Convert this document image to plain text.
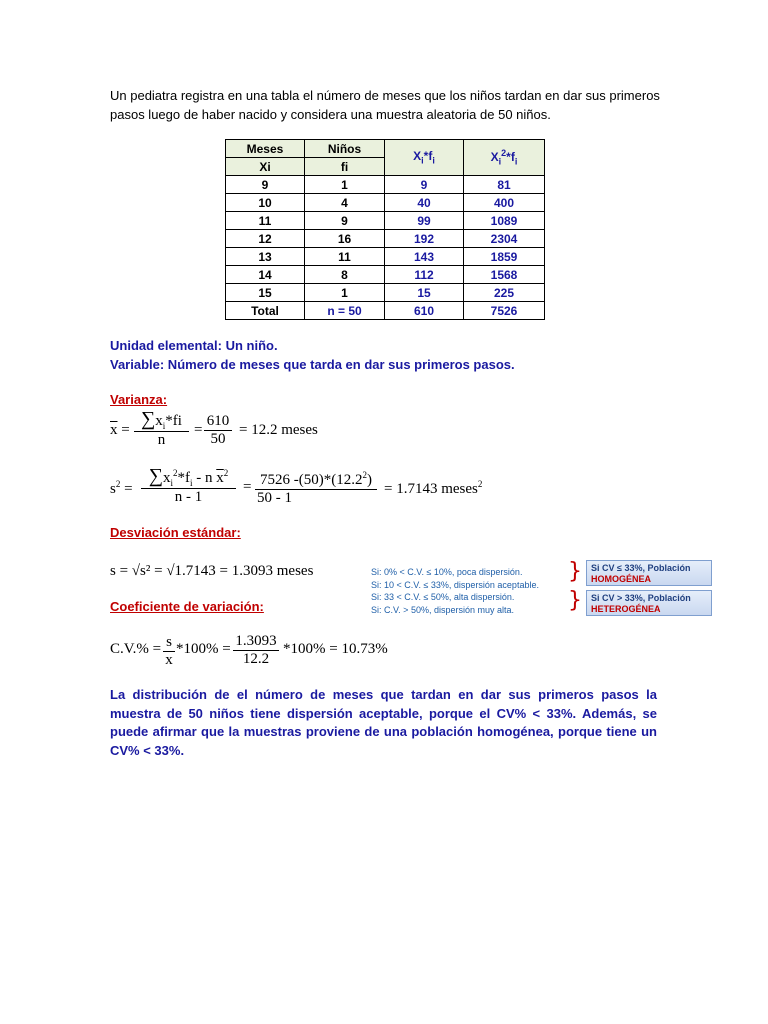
Un pediatra registra en una tabla el número de meses que los niños tardan en dar sus primeros pasos luego de haber nacido y considera una muestra aleatoria de 50 niños.
Meses	Niños	$X_i*f_i$	$X_i^2*f_i$
Xi	fi		
9	1	9	81
10	4	40	400
11	9	99	1089
12	16	192	2304
13	11	143	1859
14	8	112	1568
15	1	15	225
Total	n = 50	610	7526
Unidad elemental: Un niño.
Variable: Número de meses que tarda en dar sus primeros pasos.
Varianza:
$\overline{x} = \frac{\sum x_i*fi}{n} = \frac{610}{50} = 12.2$ meses
$s^2 = \frac{\sum x_i^2*f_i - n \overline{x}^2}{n - 1} = \frac{7526 -(50)*(12.2^2)}{50 - 1} = 1.7143$ meses$^2$
Desviación estándar:
s = √s² = √1.7143 = 1.3093 meses
Coeficiente de variación:
$C.V.\% = \frac{s}{x} *100\% = \frac{1.3093}{12.2} *100\% = 10.73\%$
Si: 0% < C.V. ≤ 10%, poca dispersión.
Si: 10 < C.V. ≤ 33%, dispersión aceptable.
Si: 33 < C.V. ≤ 50%, alta dispersión.
Si: C.V. > 50%, dispersión muy alta.
}
}
Si CV ≤ 33%, Población
HOMOGÉNEA
Si CV > 33%, Población
HETEROGÉNEA
La distribución de el número de meses que tardan en dar sus primeros pasos la muestra de 50 niños tiene dispersión aceptable, porque el CV% < 33%. Además, se puede afirmar que la muestras proviene de una población homogénea, porque tiene un CV% < 33%.
